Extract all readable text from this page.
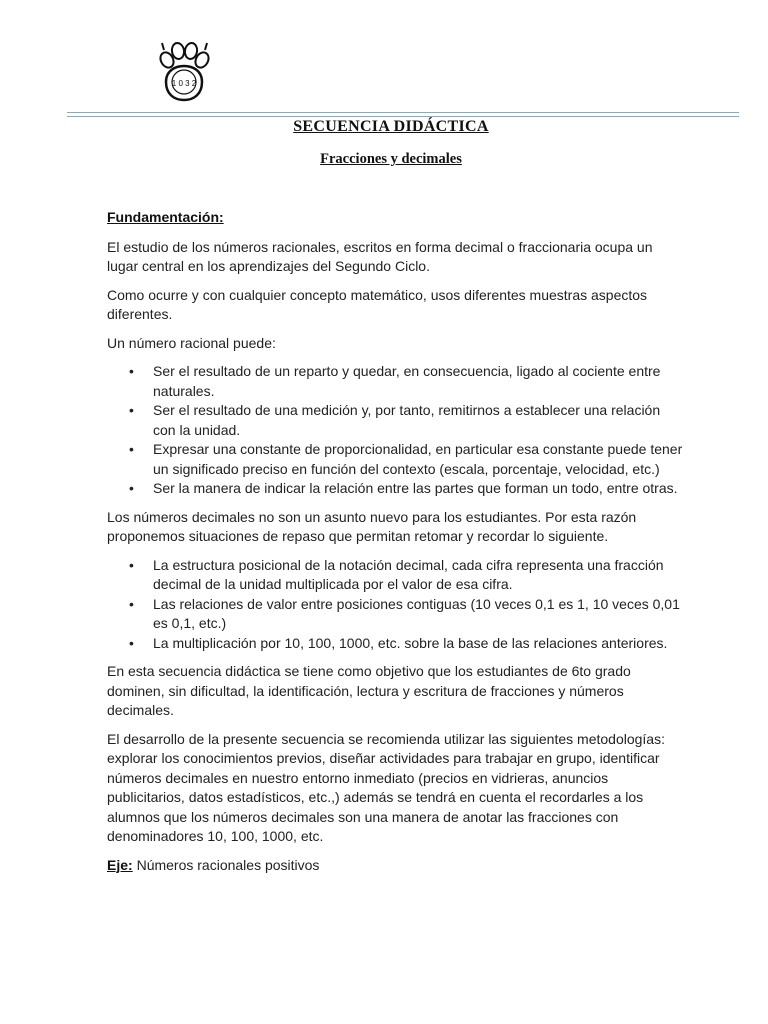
1 0 3 2
SECUENCIA DIDÁCTICA
Fracciones y decimales

Fundamentación:

El estudio de los números racionales, escritos en forma decimal o fraccionaria ocupa un lugar central en los aprendizajes del Segundo Ciclo.

Como ocurre y con cualquier concepto matemático, usos diferentes muestras aspectos diferentes.

Un número racional puede:

• Ser el resultado de un reparto y quedar, en consecuencia, ligado al cociente entre naturales.
• Ser el resultado de una medición y, por tanto, remitirnos a establecer una relación con la unidad.
• Expresar una constante de proporcionalidad, en particular esa constante puede tener un significado preciso en función del contexto (escala, porcentaje, velocidad, etc.)
• Ser la manera de indicar la relación entre las partes que forman un todo, entre otras.

Los números decimales no son un asunto nuevo para los estudiantes. Por esta razón proponemos situaciones de repaso que permitan retomar y recordar lo siguiente.

• La estructura posicional de la notación decimal, cada cifra representa una fracción decimal de la unidad multiplicada por el valor de esa cifra.
• Las relaciones de valor entre posiciones contiguas (10 veces 0,1 es 1, 10 veces 0,01 es 0,1, etc.)
• La multiplicación por 10, 100, 1000, etc. sobre la base de las relaciones anteriores.

En esta secuencia didáctica se tiene como objetivo que los estudiantes de 6to grado dominen, sin dificultad, la identificación, lectura y escritura de fracciones y números decimales.

El desarrollo de la presente secuencia se recomienda utilizar las siguientes metodologías: explorar los conocimientos previos, diseñar actividades para trabajar en grupo, identificar números decimales en nuestro entorno inmediato (precios en vidrieras, anuncios publicitarios, datos estadísticos, etc.,) además se tendrá en cuenta el recordarles a los alumnos que los números decimales son una manera de anotar las fracciones con denominadores 10, 100, 1000, etc.

Eje: Números racionales positivos
